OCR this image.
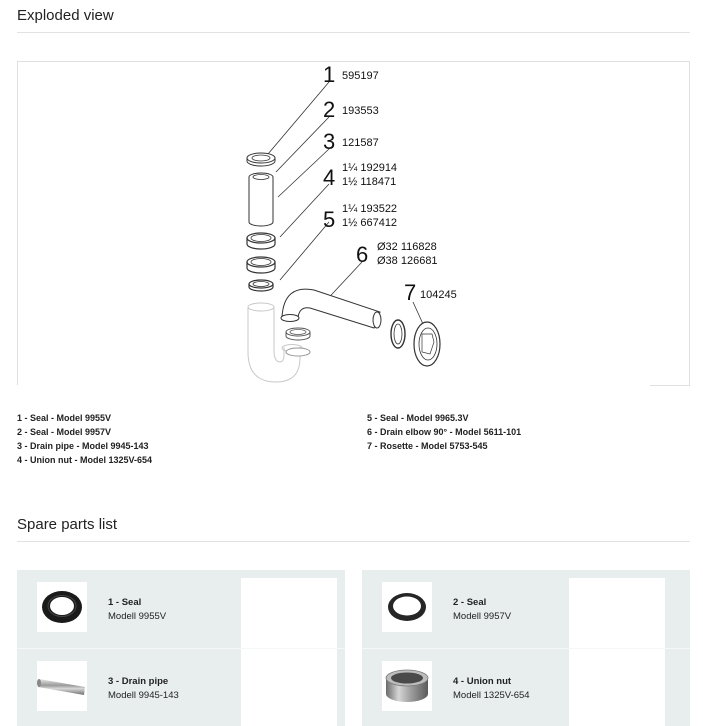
Exploded view
1 595197
2 193553
3 121587
4 1¼ 192914
1½ 118471
5 1¼ 193522
1½ 667412
6 Ø32 116828
Ø38 126681
7 104245
1 - Seal - Model 9955V
2 - Seal - Model 9957V
3 - Drain pipe - Model 9945-143
4 - Union nut - Model 1325V-654
5 - Seal - Model 9965.3V
6 - Drain elbow 90° - Model 5611-101
7 - Rosette - Model 5753-545
Spare parts list
1 - Seal
Modell 9955V
3 - Drain pipe
Modell 9945-143
2 - Seal
Modell 9957V
4 - Union nut
Modell 1325V-654
